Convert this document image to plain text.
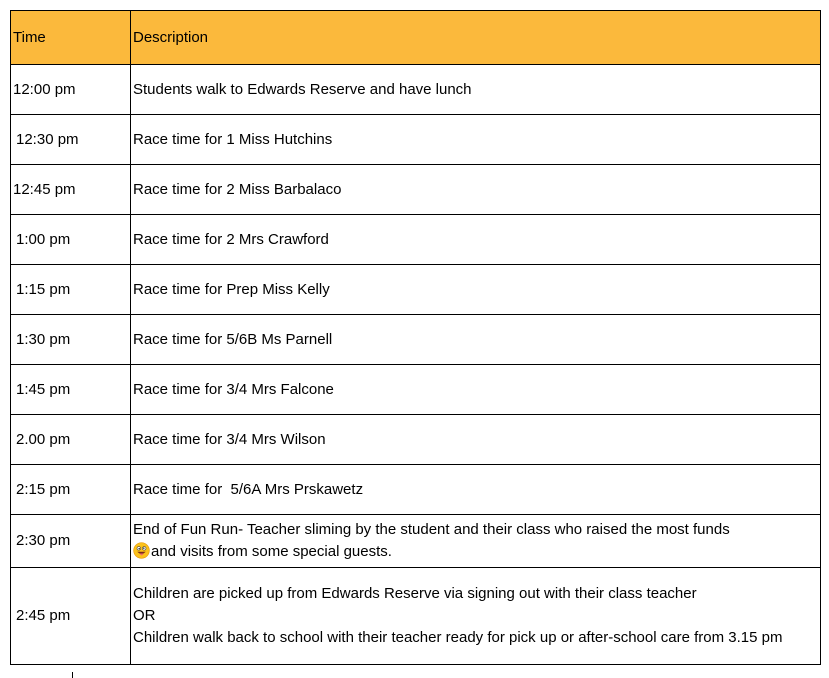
Time	Description
12:00 pm	Students walk to Edwards Reserve and have lunch
12:30 pm	Race time for 1 Miss Hutchins
12:45 pm	Race time for 2 Miss Barbalaco
1:00 pm	Race time for 2 Mrs Crawford
1:15 pm	Race time for Prep Miss Kelly
1:30 pm	Race time for 5/6B Ms Parnell
1:45 pm	Race time for 3/4 Mrs Falcone
2.00 pm	Race time for 3/4 Mrs Wilson
2:15 pm	Race time for  5/6A Mrs Prskawetz
2:30 pm	End of Fun Run- Teacher sliming by the student and their class who raised the most funds
and visits from some special guests.

2:45 pm	Children are picked up from Edwards Reserve via signing out with their class teacher
OR
Children walk back to school with their teacher ready for pick up or after-school care from 3.15 pm
